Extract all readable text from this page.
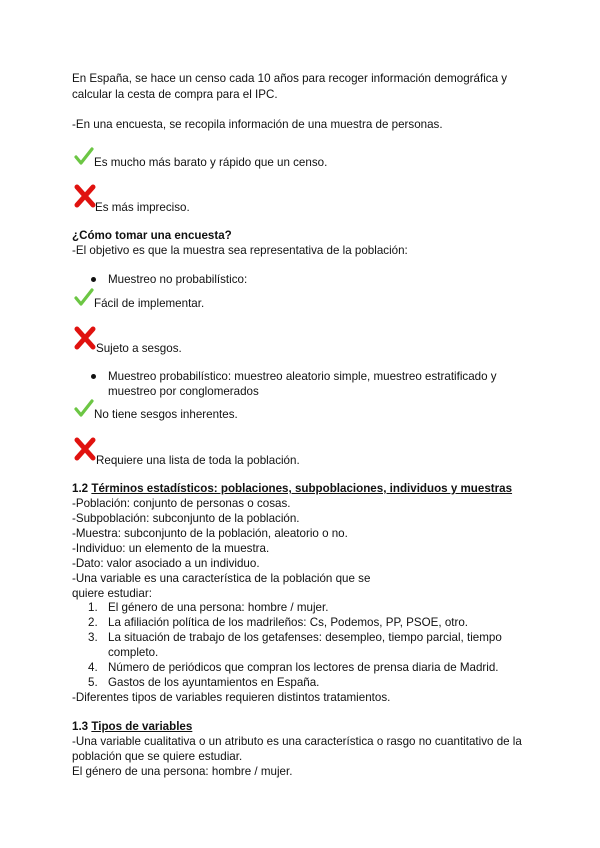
En España, se hace un censo cada 10 años para recoger información demográfica y
calcular la cesta de compra para el IPC.
-En una encuesta, se recopila información de una muestra de personas.
Es mucho más barato y rápido que un censo.
Es más impreciso.
¿Cómo tomar una encuesta?
-El objetivo es que la muestra sea representativa de la población:
Muestreo no probabilístico:
Fácil de implementar.
Sujeto a sesgos.
Muestreo probabilístico: muestreo aleatorio simple, muestreo estratificado y
muestreo por conglomerados
No tiene sesgos inherentes.
Requiere una lista de toda la población.
1.2 Términos estadísticos: poblaciones, subpoblaciones, individuos y muestras
-Población: conjunto de personas o cosas.
-Subpoblación: subconjunto de la población.
-Muestra: subconjunto de la población, aleatorio o no.
-Individuo: un elemento de la muestra.
-Dato: valor asociado a un individuo.
-Una variable es una característica de la población que se
quiere estudiar:
1. El género de una persona: hombre / mujer.
2. La afiliación política de los madrileños: Cs, Podemos, PP, PSOE, otro.
3. La situación de trabajo de los getafenses: desempleo, tiempo parcial, tiempo
completo.
4. Número de periódicos que compran los lectores de prensa diaria de Madrid.
5. Gastos de los ayuntamientos en España.
-Diferentes tipos de variables requieren distintos tratamientos.
1.3 Tipos de variables
-Una variable cualitativa o un atributo es una característica o rasgo no cuantitativo de la
población que se quiere estudiar.
El género de una persona: hombre / mujer.
